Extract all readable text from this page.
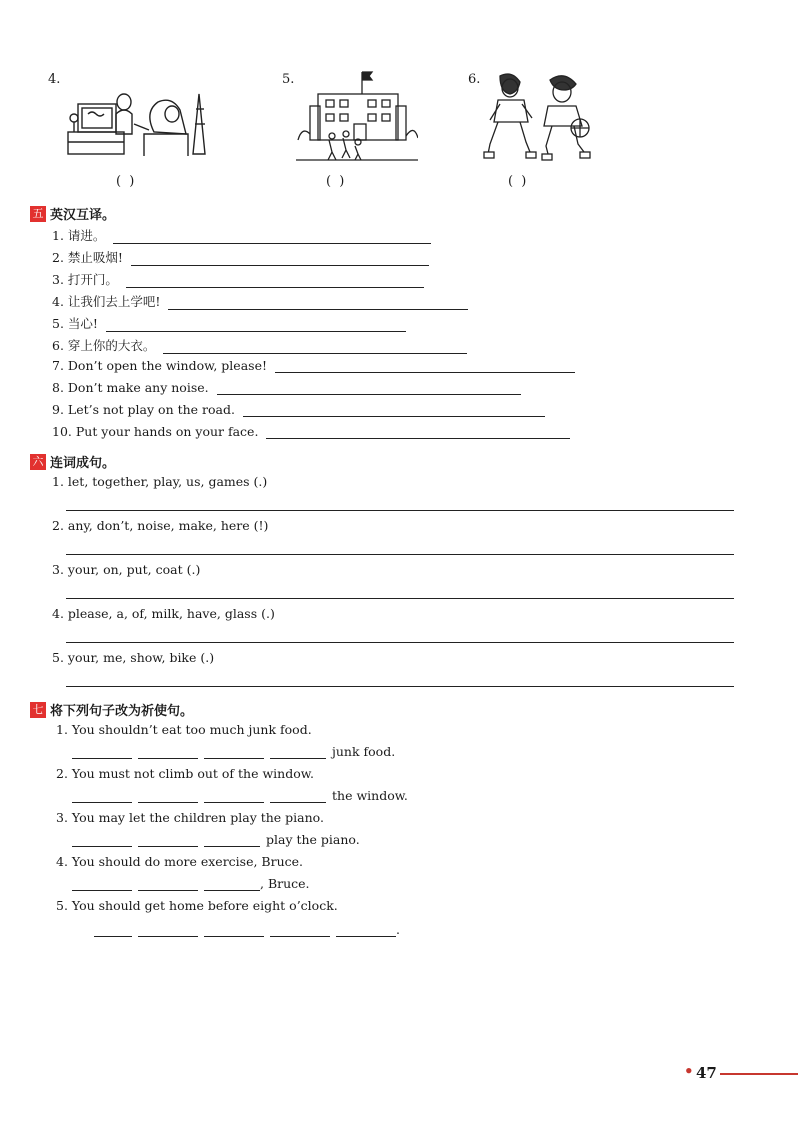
4.	5.	6.
( )	( )	( )
五 英汉互译。
1. 请进。
2. 禁止吸烟!
3. 打开门。
4. 让我们去上学吧!
5. 当心!
6. 穿上你的大衣。
7. Don’t open the window, please!
8. Don’t make any noise.
9. Let’s not play on the road.
10. Put your hands on your face.
六 连词成句。
1. let, together, play, us, games (.)
2. any, don’t, noise, make, here (!)
3. your, on, put, coat (.)
4. please, a, of, milk, have, glass (.)
5. your, me, show, bike (.)
七 将下列句子改为祈使句。
1. You shouldn’t eat too much junk food.
junk food.
2. You must not climb out of the window.
the window.
3. You may let the children play the piano.
play the piano.
4. You should do more exercise, Bruce.
, Bruce.
5. You should get home before eight o’clock.
.
• 47
